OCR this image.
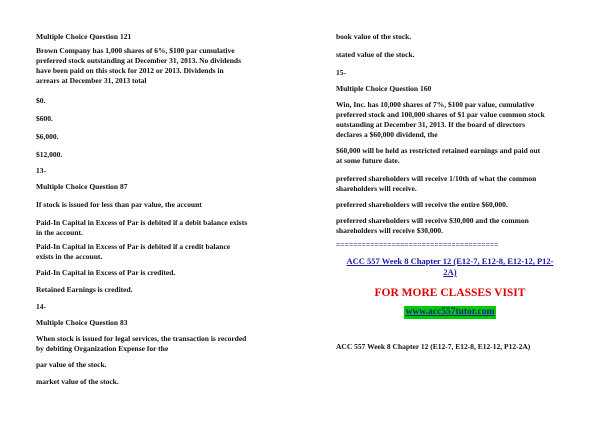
Multiple Choice Question 121

Brown Company has 1,000 shares of 6%, $100 par cumulative

preferred stock outstanding at December 31, 2013. No dividends

have been paid on this stock for 2012 or 2013. Dividends in

arrears at December 31, 2013 total

$0.

$600.

$6,000.

$12,000.

13-

Multiple Choice Question 87

If stock is issued for less than par value, the account

Paid-In Capital in Excess of Par is debited if a debit balance exists

in the account.

Paid-In Capital in Excess of Par is debited if a credit balance

exists in the account.

Paid-In Capital in Excess of Par is credited.

Retained Earnings is credited.

14-

Multiple Choice Question 83

When stock is issued for legal services, the transaction is recorded

by debiting Organization Expense for the

par value of the stock.

market value of the stock.

book value of the stock.

stated value of the stock.

15-

Multiple Choice Question 160

Win, Inc. has 10,000 shares of 7%, $100 par value, cumulative

preferred stock and 100,000 shares of $1 par value common stock

outstanding at December 31, 2013. If the board of directors

declares a $60,000 dividend, the

$60,000 will be held as restricted retained earnings and paid out

at some future date.

preferred shareholders will receive 1/10th of what the common

shareholders will receive.

preferred shareholders will receive the entire $60,000.

preferred shareholders will receive $30,000 and the common

shareholders will receive $30,000.

======================================

ACC 557 Week 8 Chapter 12 (E12-7, E12-8, E12-12, P12-

2A)

FOR MORE CLASSES VISIT

www.acc557tutor.com

ACC 557 Week 8 Chapter 12 (E12-7, E12-8, E12-12, P12-2A)
